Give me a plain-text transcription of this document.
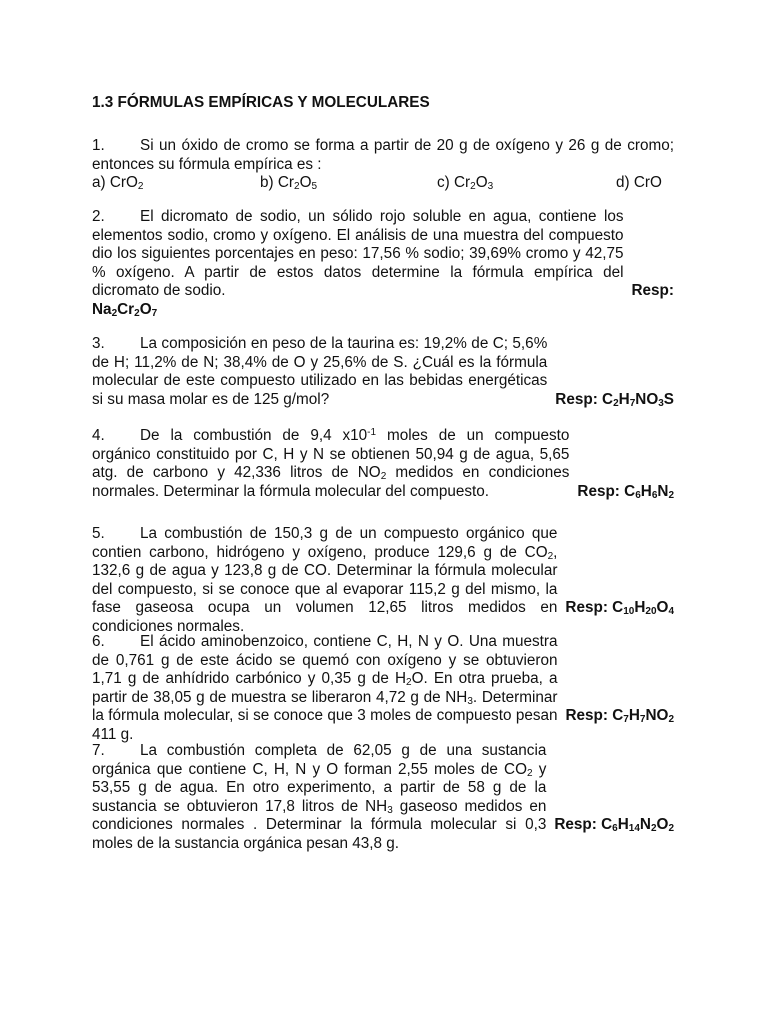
1.3 FÓRMULAS EMPÍRICAS Y MOLECULARES
1. Si un óxido de cromo se forma a partir de 20 g de oxígeno y 26 g de cromo; entonces su fórmula empírica es :
a) CrO$_2$	b) $Cr_2O_5$	c) $Cr_2O_3$	d) CrO
2.
Resp:
El dicromato de sodio, un sólido rojo soluble en agua, contiene los elementos sodio, cromo y oxígeno. El análisis de una muestra del compuesto dio los siguientes porcentajes en peso: 17,56 % sodio; 39,69% cromo y 42,75 % oxígeno. A partir de estos datos determine la fórmula empírica del dicromato de sodio.
$Na_2Cr_2O_7$
3.
Resp: $C_2H_7NO_3S$
La composición en peso de la taurina es: 19,2% de C; 5,6% de H; 11,2% de N; 38,4% de O y 25,6% de S. ¿Cuál es la fórmula molecular de este compuesto utilizado en las bebidas energéticas si su masa molar es de 125 g/mol?
4.
Resp: $C_6H_6N_2$
De la combustión de 9,4 $x10^{-1}$ moles de un compuesto orgánico constituido por C, H y N se obtienen 50,94 g de agua, 5,65 atg. de carbono y 42,336 litros de $NO_2$ medidos en condiciones normales. Determinar la fórmula molecular del compuesto.
5.
Resp: $C_{10}H_{20}O_4$
La combustión de 150,3 g de un compuesto orgánico que contien carbono, hidrógeno y oxígeno, produce 129,6 g de $CO_2$, 132,6 g de agua y 123,8 g de CO. Determinar la fórmula molecular del compuesto, si se conoce que al evaporar 115,2 g del mismo, la fase gaseosa ocupa un volumen 12,65 litros medidos en condiciones normales.
6.
Resp: $C_7H_7NO_2$
El ácido aminobenzoico, contiene C, H, N y O. Una muestra de 0,761 g de este ácido se quemó con oxígeno y se obtuvieron 1,71 g de anhídrido carbónico y 0,35 g de $H_2O$. En otra prueba, a partir de 38,05 g de muestra se liberaron 4,72 g de $NH_3$. Determinar la fórmula molecular, si se conoce que 3 moles de compuesto pesan 411 g.
7.
Resp: $C_6H_{14}N_2O_2$
La combustión completa de 62,05 g de una sustancia orgánica que contiene C, H, N y O forman 2,55 moles de $CO_2$ y 53,55 g de agua. En otro experimento, a partir de 58 g de la sustancia se obtuvieron 17,8 litros de $NH_3$ gaseoso medidos en condiciones normales . Determinar la fórmula molecular si 0,3 moles de la sustancia orgánica pesan 43,8 g.
